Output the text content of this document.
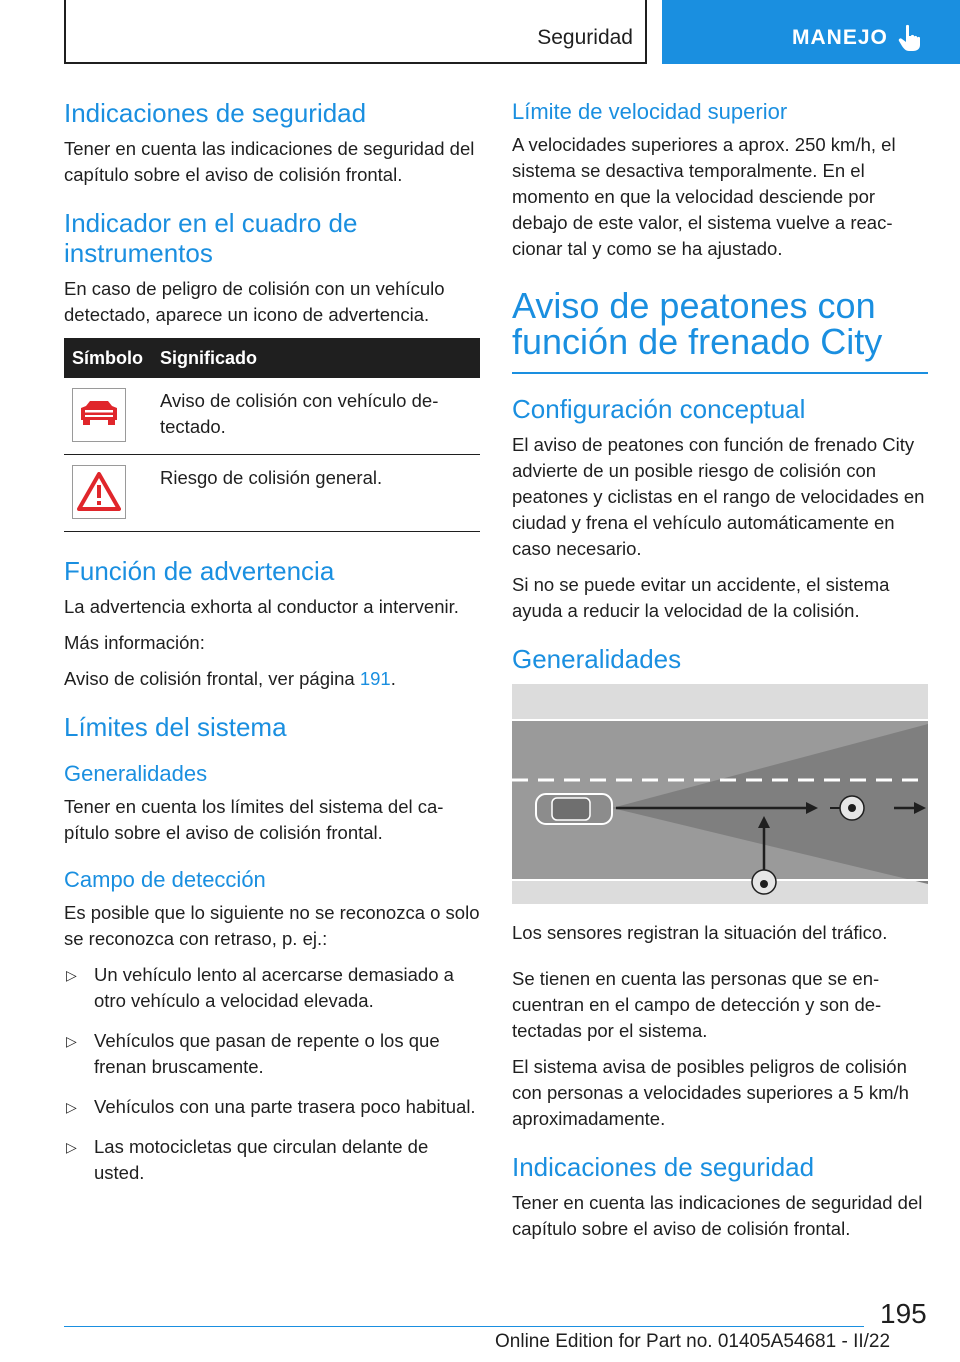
Seguridad	MANEJO
Indicaciones de seguridad

Tener en cuenta las indicaciones de seguridad del capítulo sobre el aviso de colisión frontal.

Indicador en el cuadro de instrumentos

En caso de peligro de colisión con un vehículo detectado, aparece un icono de advertencia.

Símbolo	Significado

	Aviso de colisión con vehículo detectado.

	Riesgo de colisión general.
Función de advertencia

La advertencia exhorta al conductor a intervenir.

Más información:

Aviso de colisión frontal, ver página 191.

Límites del sistema
Generalidades

Tener en cuenta los límites del sistema del capítulo sobre el aviso de colisión frontal.

Campo de detección

Es posible que lo siguiente no se reconozca o solo se reconozca con retraso, p. ej.:

▷ Un vehículo lento al acercarse demasiado a otro vehículo a velocidad elevada.
▷ Vehículos que pasan de repente o los que frenan bruscamente.
▷ Vehículos con una parte trasera poco habitual.
▷ Las motocicletas que circulan delante de usted.
Límite de velocidad superior

A velocidades superiores a aprox. 250 km/h, el sistema se desactiva temporalmente. En el momento en que la velocidad desciende por debajo de este valor, el sistema vuelve a reaccionar tal y como se ha ajustado.

Aviso de peatones con función de frenado City
Configuración conceptual

El aviso de peatones con función de frenado City advierte de un posible riesgo de colisión con peatones y ciclistas en el rango de velocidades en ciudad y frena el vehículo automáticamente en caso necesario.

Si no se puede evitar un accidente, el sistema ayuda a reducir la velocidad de la colisión.

Generalidades

Los sensores registran la situación del tráfico.

Se tienen en cuenta las personas que se encuentran en el campo de detección y son detectadas por el sistema.

El sistema avisa de posibles peligros de colisión con personas a velocidades superiores a 5 km/h aproximadamente.

Indicaciones de seguridad

Tener en cuenta las indicaciones de seguridad del capítulo sobre el aviso de colisión frontal.

195
Online Edition for Part no. 01405A54681 - II/22
